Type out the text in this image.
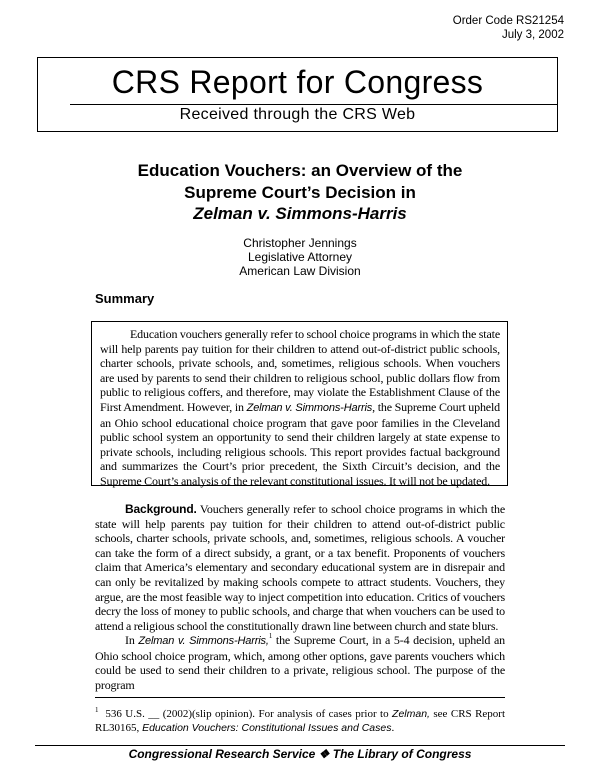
Order Code RS21254
July 3, 2002
CRS Report for Congress
Received through the CRS Web
Education Vouchers: an Overview of the
Supreme Court’s Decision in
Zelman v. Simmons-Harris
Christopher Jennings
Legislative Attorney
American Law Division
Summary
Education vouchers generally refer to school choice programs in which the state will help parents pay tuition for their children to attend out-of-district public schools, charter schools, private schools, and, sometimes, religious schools. When vouchers are used by parents to send their children to religious school, public dollars flow from public to religious coffers, and therefore, may violate the Establishment Clause of the First Amendment. However, in Zelman v. Simmons-Harris, the Supreme Court upheld an Ohio school educational choice program that gave poor families in the Cleveland public school system an opportunity to send their children largely at state expense to private schools, including religious schools. This report provides factual background and summarizes the Court’s prior precedent, the Sixth Circuit’s decision, and the Supreme Court’s analysis of the relevant constitutional issues. It will not be updated.
Background. Vouchers generally refer to school choice programs in which the state will help parents pay tuition for their children to attend out-of-district public schools, charter schools, private schools, and, sometimes, religious schools. A voucher can take the form of a direct subsidy, a grant, or a tax benefit. Proponents of vouchers claim that America’s elementary and secondary educational system are in disrepair and can only be revitalized by making schools compete to attract students. Vouchers, they argue, are the most feasible way to inject competition into education. Critics of vouchers decry the loss of money to public schools, and charge that when vouchers can be used to attend a religious school the constitutionally drawn line between church and state blurs.
In Zelman v. Simmons-Harris,$^1$ the Supreme Court, in a 5-4 decision, upheld an Ohio school choice program, which, among other options, gave parents vouchers which could be used to send their children to a private, religious school. The purpose of the program
$^1$ 536 U.S. __ (2002)(slip opinion). For analysis of cases prior to Zelman, see CRS Report RL30165, Education Vouchers: Constitutional Issues and Cases.
Congressional Research Service ❖ The Library of Congress
